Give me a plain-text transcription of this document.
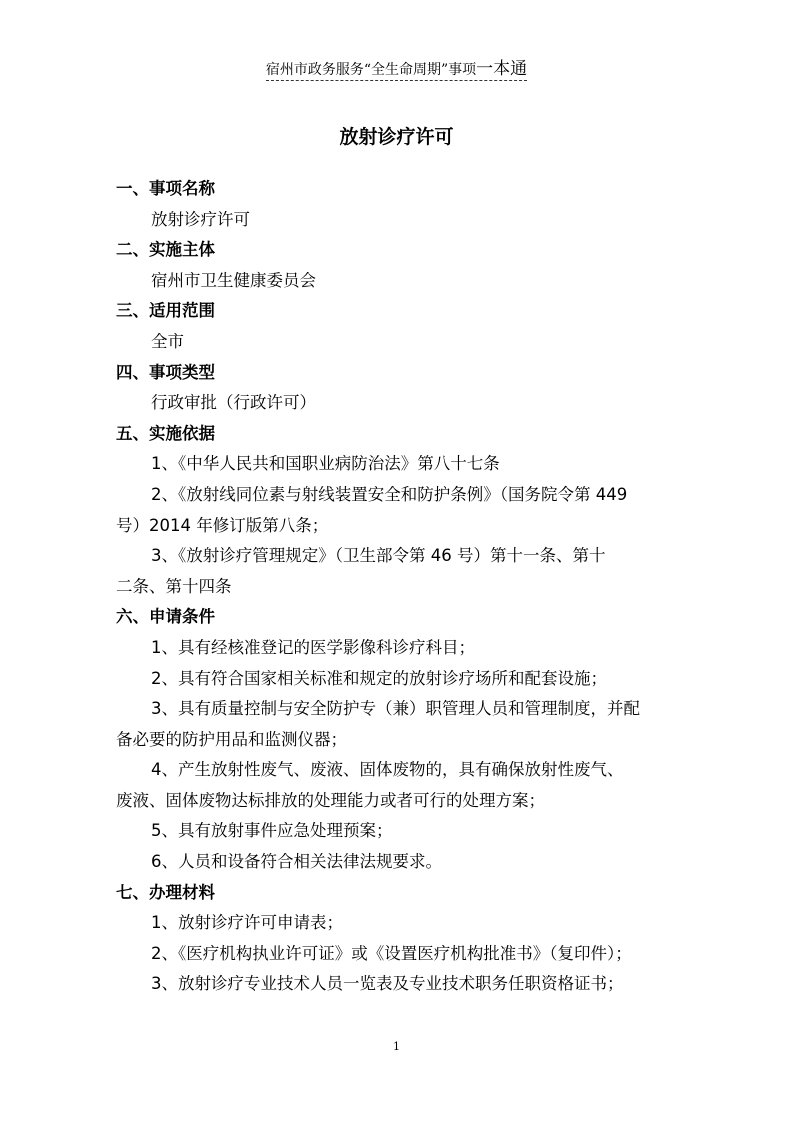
宿州市政务服务“全生命周期”事项一本通
放射诊疗许可
一、事项名称
放射诊疗许可
二、实施主体
宿州市卫生健康委员会
三、适用范围
全市
四、事项类型
行政审批（行政许可）
五、实施依据
1、《中华人民共和国职业病防治法》第八十七条
2、《放射线同位素与射线装置安全和防护条例》（国务院令第 449
号）2014 年修订版第八条；
3、《放射诊疗管理规定》（卫生部令第 46 号）第十一条、第十
二条、第十四条
六、申请条件
1、具有经核准登记的医学影像科诊疗科目；
2、具有符合国家相关标准和规定的放射诊疗场所和配套设施；
3、具有质量控制与安全防护专（兼）职管理人员和管理制度，并配
备必要的防护用品和监测仪器；
4、产生放射性废气、废液、固体废物的，具有确保放射性废气、
废液、固体废物达标排放的处理能力或者可行的处理方案；
5、具有放射事件应急处理预案；
6、人员和设备符合相关法律法规要求。
七、办理材料
1、放射诊疗许可申请表；
2、《医疗机构执业许可证》或《设置医疗机构批准书》（复印件）；
3、放射诊疗专业技术人员一览表及专业技术职务任职资格证书；
1
